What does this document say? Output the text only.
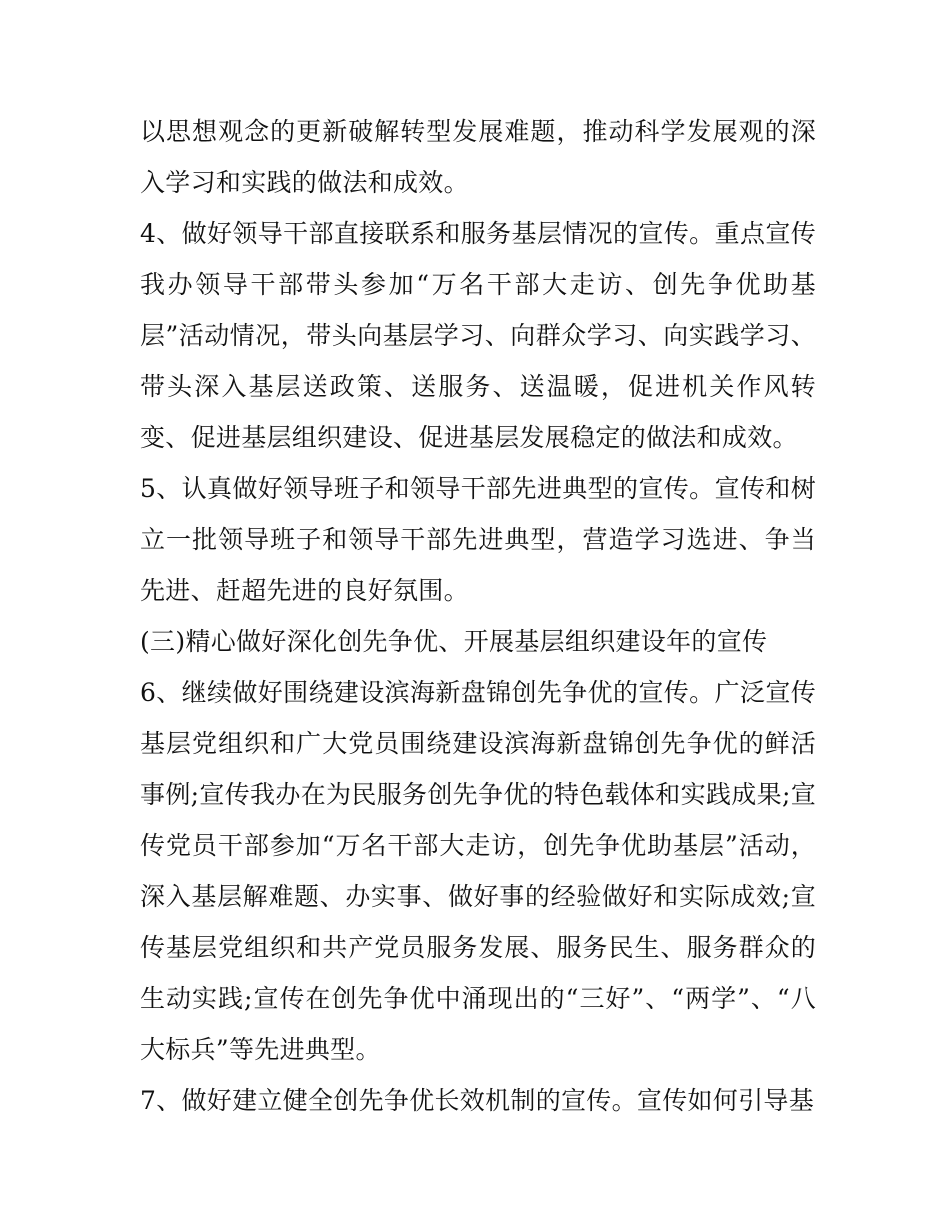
以思想观念的更新破解转型发展难题，推动科学发展观的深入学习和实践的做法和成效。

4、做好领导干部直接联系和服务基层情况的宣传。重点宣传我办领导干部带头参加“万名干部大走访、创先争优助基层”活动情况，带头向基层学习、向群众学习、向实践学习、带头深入基层送政策、送服务、送温暖，促进机关作风转变、促进基层组织建设、促进基层发展稳定的做法和成效。

5、认真做好领导班子和领导干部先进典型的宣传。宣传和树立一批领导班子和领导干部先进典型，营造学习选进、争当先进、赶超先进的良好氛围。

(三)精心做好深化创先争优、开展基层组织建设年的宣传

6、继续做好围绕建设滨海新盘锦创先争优的宣传。广泛宣传基层党组织和广大党员围绕建设滨海新盘锦创先争优的鲜活事例;宣传我办在为民服务创先争优的特色载体和实践成果;宣传党员干部参加“万名干部大走访，创先争优助基层”活动，深入基层解难题、办实事、做好事的经验做好和实际成效;宣传基层党组织和共产党员服务发展、服务民生、服务群众的生动实践;宣传在创先争优中涌现出的“三好”、“两学”、“八大标兵”等先进典型。

7、做好建立健全创先争优长效机制的宣传。宣传如何引导基
